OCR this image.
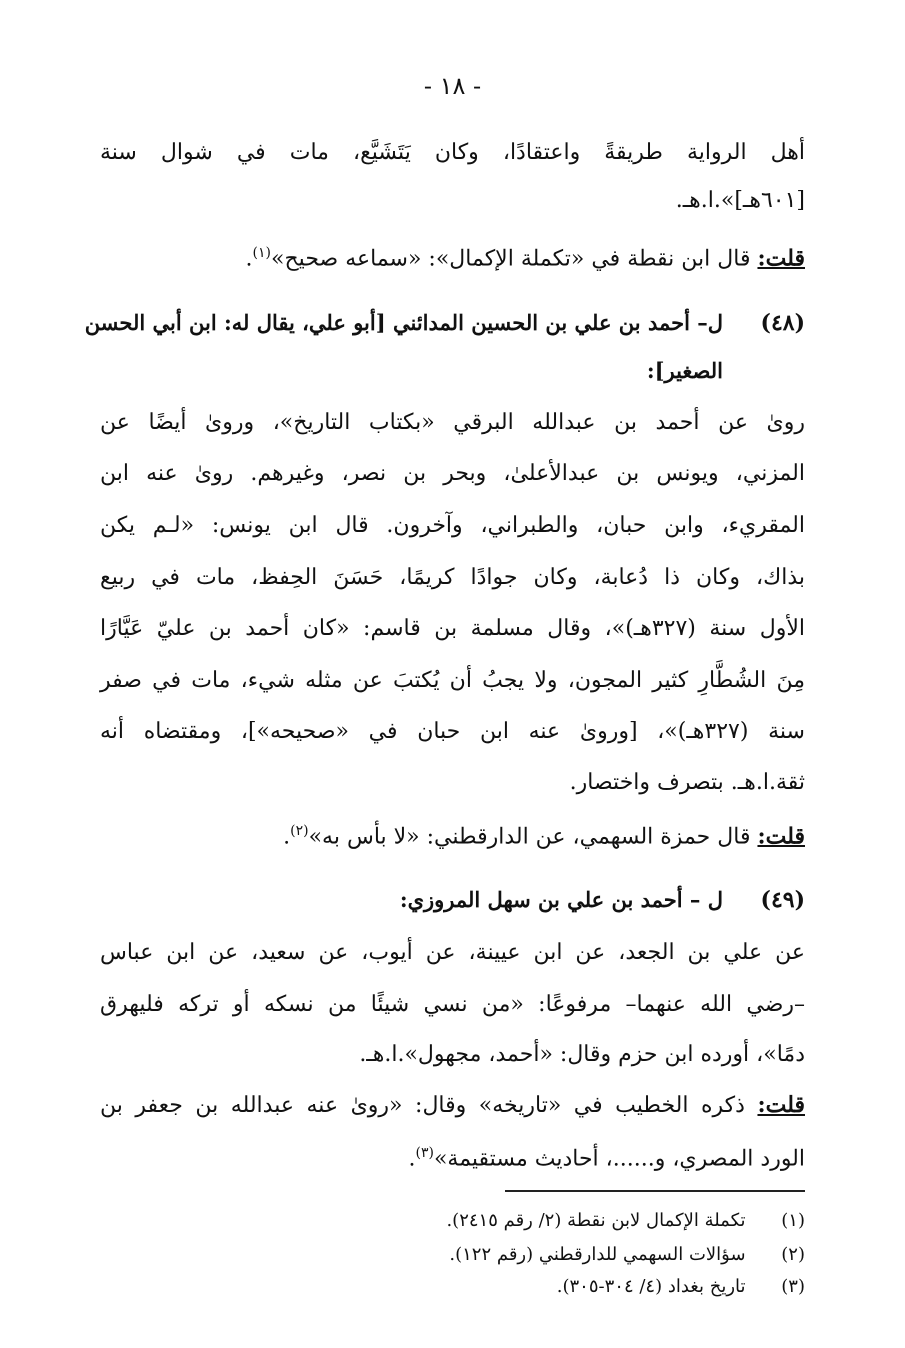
- ١٨ -
أهل الرواية طريقةً واعتقادًا، وكان يَتَشَيَّع، مات في شوال سنة
[٦٠١هـ]».ا.هـ.
قلت: قال ابن نقطة في «تكملة الإكمال»: «سماعه صحيح»$^{(١)}$.
(٤٨)
ل– أحمد بن علي بن الحسين المدائني [أبو علي، يقال له: ابن أبي الحسن
الصغير]:
روىٰ عن أحمد بن عبدالله البرقي «بكتاب التاريخ»، وروىٰ أيضًا عن
المزني، ويونس بن عبدالأعلىٰ، وبحر بن نصر، وغيرهم. روىٰ عنه ابن
المقريء، وابن حبان، والطبراني، وآخرون. قال ابن يونس: «لـم يكن
بذاك، وكان ذا دُعابة، وكان جوادًا كريمًا، حَسَنَ الحِفظ، مات في ربيع
الأول سنة (٣٢٧هـ)»، وقال مسلمة بن قاسم: «كان أحمد بن عليّ عَيَّارًا
مِنَ الشُطَّارِ كثير المجون، ولا يجبُ أن يُكتبَ عن مثله شيء، مات في صفر
سنة (٣٢٧هـ)»، [وروىٰ عنه ابن حبان في «صحيحه»]، ومقتضاه أنه
ثقة.ا.هـ. بتصرف واختصار.
قلت: قال حمزة السهمي، عن الدارقطني: «لا بأس به»$^{(٢)}$.
(٤٩)
ل – أحمد بن علي بن سهل المروزي:
عن علي بن الجعد، عن ابن عيينة، عن أيوب، عن سعيد، عن ابن عباس
–رضي الله عنهما– مرفوعًا: «من نسي شيئًا من نسكه أو تركه فليهرق
دمًا»، أورده ابن حزم وقال: «أحمد، مجهول».ا.هـ.
قلت: ذكره الخطيب في «تاريخه» وقال: «روىٰ عنه عبدالله بن جعفر بن
الورد المصري، و......، أحاديث مستقيمة»$^{(٣)}$.
(١)  تكملة الإكمال لابن نقطة (٢/ رقم ٢٤١٥).
(٢)  سؤالات السهمي للدارقطني (رقم ١٢٢).
(٣)  تاريخ بغداد (٤/ ٣٠٤-٣٠٥).
